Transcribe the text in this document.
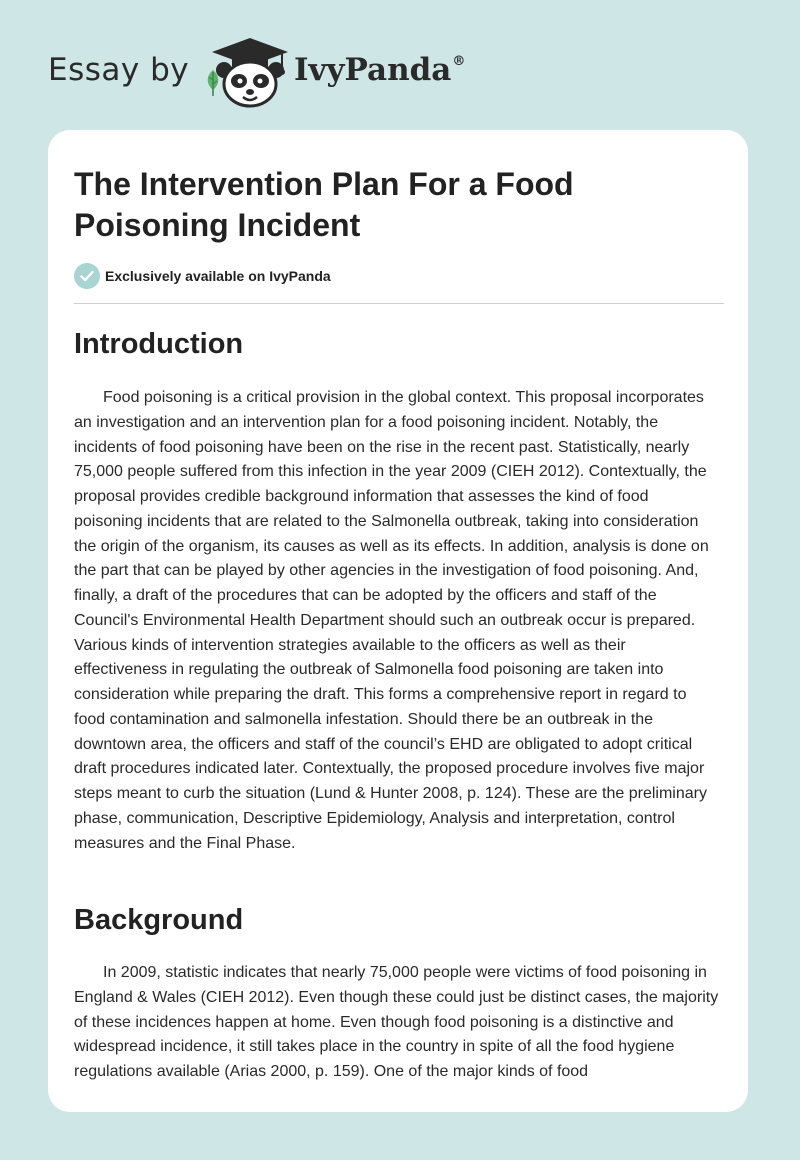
Essay by	IvyPanda®
The Intervention Plan For a Food Poisoning Incident
Exclusively available on IvyPanda
Introduction

Food poisoning is a critical provision in the global context. This proposal incorporates an investigation and an intervention plan for a food poisoning incident. Notably, the incidents of food poisoning have been on the rise in the recent past. Statistically, nearly 75,000 people suffered from this infection in the year 2009 (CIEH 2012). Contextually, the proposal provides credible background information that assesses the kind of food poisoning incidents that are related to the Salmonella outbreak, taking into consideration the origin of the organism, its causes as well as its effects. In addition, analysis is done on the part that can be played by other agencies in the investigation of food poisoning. And, finally, a draft of the procedures that can be adopted by the officers and staff of the Council's Environmental Health Department should such an outbreak occur is prepared. Various kinds of intervention strategies available to the officers as well as their effectiveness in regulating the outbreak of Salmonella food poisoning are taken into consideration while preparing the draft. This forms a comprehensive report in regard to food contamination and salmonella infestation. Should there be an outbreak in the downtown area, the officers and staff of the council’s EHD are obligated to adopt critical draft procedures indicated later. Contextually, the proposed procedure involves five major steps meant to curb the situation (Lund & Hunter 2008, p. 124). These are the preliminary phase, communication, Descriptive Epidemiology, Analysis and interpretation, control measures and the Final Phase.

Background

In 2009, statistic indicates that nearly 75,000 people were victims of food poisoning in England & Wales (CIEH 2012). Even though these could just be distinct cases, the majority of these incidences happen at home. Even though food poisoning is a distinctive and widespread incidence, it still takes place in the country in spite of all the food hygiene regulations available (Arias 2000, p. 159). One of the major kinds of food
